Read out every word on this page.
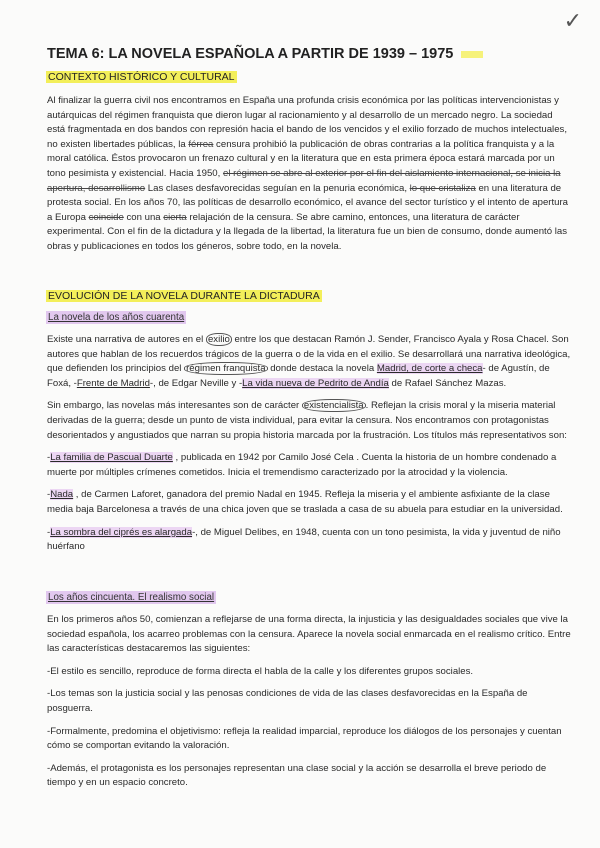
✓
TEMA 6: LA NOVELA ESPAÑOLA A PARTIR DE 1939 – 1975
CONTEXTO HISTÓRICO Y CULTURAL

Al finalizar la guerra civil nos encontramos en España una profunda crisis económica por las políticas intervencionistas y autárquicas del régimen franquista que dieron lugar al racionamiento y al desarrollo de un mercado negro. La sociedad está fragmentada en dos bandos con represión hacia el bando de los vencidos y el exilio forzado de muchos intelectuales, no existen libertades públicas, la férrea censura prohibió la publicación de obras contrarias a la política franquista y a la moral católica. Éstos provocaron un frenazo cultural y en la literatura que en esta primera época estará marcada por un tono pesimista y existencial. Hacia 1950, el régimen se abre al exterior por el fin del aislamiento internacional, se inicia la apertura, desarrollismo Las clases desfavorecidas seguían en la penuria económica, lo que cristaliza en una literatura de protesta social. En los años 70, las políticas de desarrollo económico, el avance del sector turístico y el intento de apertura a Europa coincide con una cierta relajación de la censura. Se abre camino, entonces, una literatura de carácter experimental. Con el fin de la dictadura y la llegada de la libertad, la literatura fue un bien de consumo, donde aumentó las obras y publicaciones en todos los géneros, sobre todo, en la novela.

EVOLUCIÓN DE LA NOVELA DURANTE LA DICTADURA
La novela de los años cuarenta

Existe una narrativa de autores en el exilio entre los que destacan Ramón J. Sender, Francisco Ayala y Rosa Chacel. Son autores que hablan de los recuerdos trágicos de la guerra o de la vida en el exilio. Se desarrollará una narrativa ideológica, que defienden los principios del régimen franquista donde destaca la novela Madrid, de corte a checa- de Agustín, de Foxá, -Frente de Madrid-, de Edgar Neville y -La vida nueva de Pedrito de Andía de Rafael Sánchez Mazas.

Sin embargo, las novelas más interesantes son de carácter existencialista . Reflejan la crisis moral y la miseria material derivadas de la guerra; desde un punto de vista individual, para evitar la censura. Nos encontramos con protagonistas desorientados y angustiados que narran su propia historia marcada por la frustración. Los títulos más representativos son:

-La familia de Pascual Duarte , publicada en 1942 por Camilo José Cela . Cuenta la historia de un hombre condenado a muerte por múltiples crímenes cometidos. Inicia el tremendismo caracterizado por la atrocidad y la violencia.

-Nada , de Carmen Laforet, ganadora del premio Nadal en 1945. Refleja la miseria y el ambiente asfixiante de la clase media baja Barcelonesa a través de una chica joven que se traslada a casa de su abuela para estudiar en la universidad.

-La sombra del ciprés es alargada-, de Miguel Delibes, en 1948, cuenta con un tono pesimista, la vida y juventud de niño huérfano

Los años cincuenta. El realismo social

En los primeros años 50, comienzan a reflejarse de una forma directa, la injusticia y las desigualdades sociales que vive la sociedad española, los acarreo problemas con la censura. Aparece la novela social enmarcada en el realismo crítico. Entre las características destacaremos las siguientes:

-El estilo es sencillo, reproduce de forma directa el habla de la calle y los diferentes grupos sociales.

-Los temas son la justicia social y las penosas condiciones de vida de las clases desfavorecidas en la España de posguerra.

-Formalmente, predomina el objetivismo: refleja la realidad imparcial, reproduce los diálogos de los personajes y cuentan cómo se comportan evitando la valoración.

-Además, el protagonista es los personajes representan una clase social y la acción se desarrolla el breve periodo de tiempo y en un espacio concreto.
